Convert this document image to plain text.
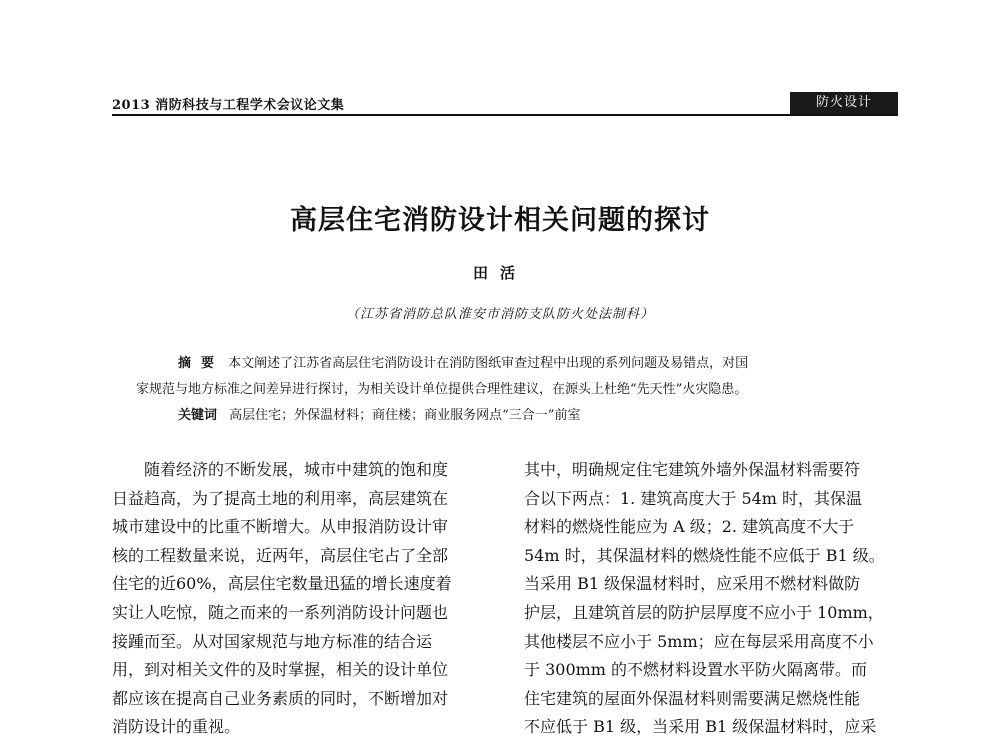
2013 消防科技与工程学术会议论文集	防火设计
高层住宅消防设计相关问题的探讨
田活
（江苏省消防总队淮安市消防支队防火处法制科）
摘要 本文阐述了江苏省高层住宅消防设计在消防图纸审查过程中出现的系列问题及易错点，对国
家规范与地方标准之间差异进行探讨，为相关设计单位提供合理性建议，在源头上杜绝“先天性”火灾隐患。
关键词 高层住宅；外保温材料；商住楼；商业服务网点“三合一”前室
随着经济的不断发展，城市中建筑的饱和度
日益趋高，为了提高土地的利用率，高层建筑在
城市建设中的比重不断增大。从申报消防设计审
核的工程数量来说，近两年，高层住宅占了全部
住宅的近60%，高层住宅数量迅猛的增长速度着
实让人吃惊，随之而来的一系列消防设计问题也
接踵而至。从对国家规范与地方标准的结合运
用，到对相关文件的及时掌握，相关的设计单位
都应该在提高自己业务素质的同时，不断增加对
消防设计的重视。
其中，明确规定住宅建筑外墙外保温材料需要符
合以下两点：1. 建筑高度大于 54m 时，其保温
材料的燃烧性能应为 A 级；2. 建筑高度不大于
54m 时，其保温材料的燃烧性能不应低于 B1 级。
当采用 B1 级保温材料时，应采用不燃材料做防
护层，且建筑首层的防护层厚度不应小于 10mm，
其他楼层不应小于 5mm；应在每层采用高度不小
于 300mm 的不燃材料设置水平防火隔离带。而
住宅建筑的屋面外保温材料则需要满足燃烧性能
不应低于 B1 级，当采用 B1 级保温材料时，应采
